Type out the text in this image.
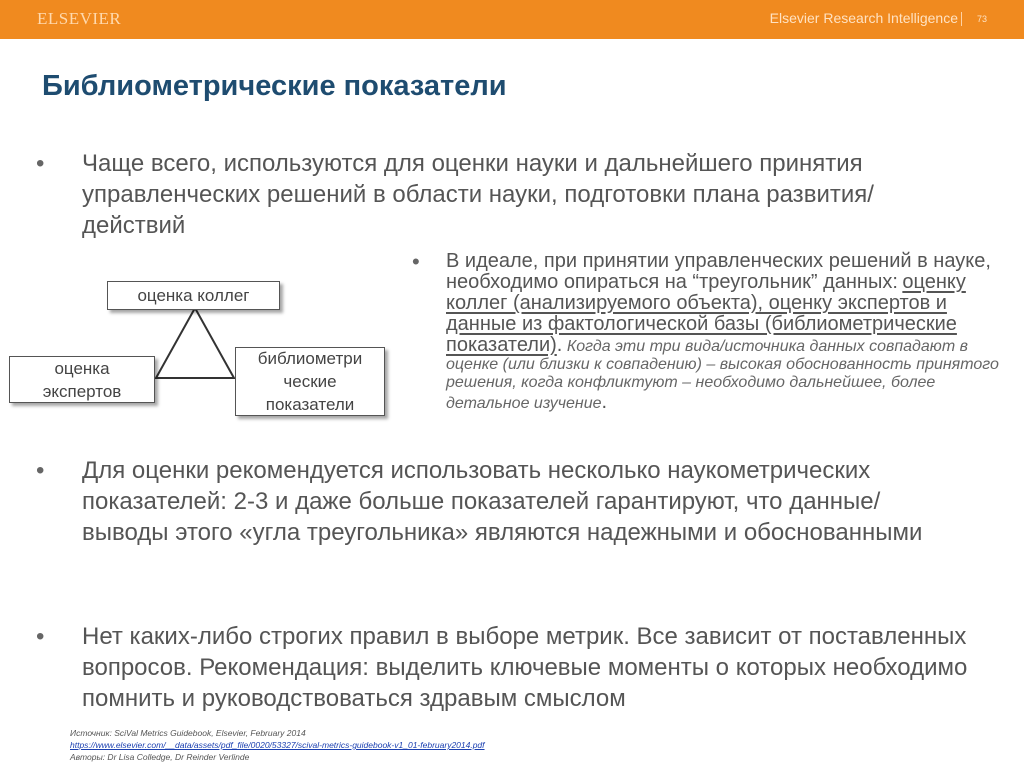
ELSEVIER	Elsevier Research Intelligence 73
Библиометрические показатели
• Чаще всего, используются для оценки науки и дальнейшего принятия управленческих решений в области науки, подготовки плана развития/действий
• В идеале, при принятии управленческих решений в науке, необходимо опираться на “треугольник” данных: оценку коллег (анализируемого объекта), оценку экспертов и данные из фактологической базы (библиометрические показатели). Когда эти три вида/источника данных совпадают в оценке (или близки к совпадению) – высокая обоснованность принятого решения, когда конфликтуют – необходимо дальнейшее, более детальное изучение.
оценка коллег
оценка
экспертов
библиометри
ческие
показатели
• Для оценки рекомендуется использовать несколько наукометрических показателей: 2-3 и даже больше показателей гарантируют, что данные/выводы этого «угла треугольника» являются надежными и обоснованными
• Нет каких-либо строгих правил в выборе метрик. Все зависит от поставленных вопросов. Рекомендация: выделить ключевые моменты о которых необходимо помнить и руководствоваться здравым смыслом
Источник: SciVal Metrics Guidebook, Elsevier, February 2014
https://www.elsevier.com/__data/assets/pdf_file/0020/53327/scival-metrics-guidebook-v1_01-february2014.pdf
Авторы: Dr Lisa Colledge, Dr Reinder Verlinde
